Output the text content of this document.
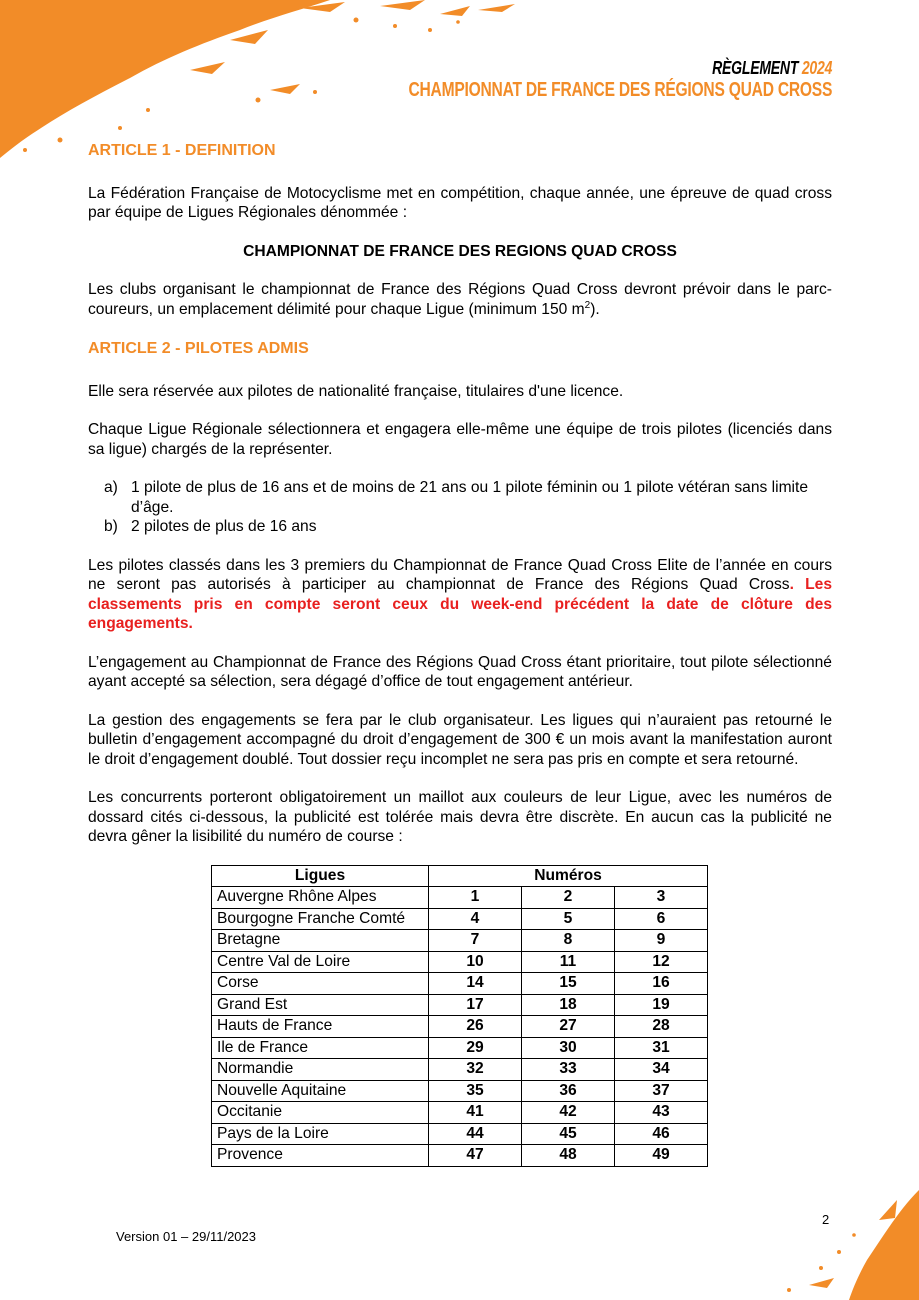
RÈGLEMENT 2024
CHAMPIONNAT DE FRANCE DES RÉGIONS QUAD CROSS
ARTICLE 1 - DEFINITION

La Fédération Française de Motocyclisme met en compétition, chaque année, une épreuve de quad cross par équipe de Ligues Régionales dénommée :

CHAMPIONNAT DE FRANCE DES REGIONS QUAD CROSS

Les clubs organisant le championnat de France des Régions Quad Cross devront prévoir dans le parc-coureurs, un emplacement délimité pour chaque Ligue (minimum 150 $m^2$).

ARTICLE 2 - PILOTES ADMIS

Elle sera réservée aux pilotes de nationalité française, titulaires d'une licence.

Chaque Ligue Régionale sélectionnera et engagera elle-même une équipe de trois pilotes (licenciés dans sa ligue) chargés de la représenter.

a) 1 pilote de plus de 16 ans et de moins de 21 ans ou 1 pilote féminin ou 1 pilote vétéran sans limite d’âge.
b) 2 pilotes de plus de 16 ans

Les pilotes classés dans les 3 premiers du Championnat de France Quad Cross Elite de l’année en cours ne seront pas autorisés à participer au championnat de France des Régions Quad Cross. Les classements pris en compte seront ceux du week-end précédent la date de clôture des engagements.

L’engagement au Championnat de France des Régions Quad Cross étant prioritaire, tout pilote sélectionné ayant accepté sa sélection, sera dégagé d’office de tout engagement antérieur.

La gestion des engagements se fera par le club organisateur. Les ligues qui n’auraient pas retourné le bulletin d’engagement accompagné du droit d’engagement de 300 € un mois avant la manifestation auront le droit d’engagement doublé. Tout dossier reçu incomplet ne sera pas pris en compte et sera retourné.

Les concurrents porteront obligatoirement un maillot aux couleurs de leur Ligue, avec les numéros de dossard cités ci-dessous, la publicité est tolérée mais devra être discrète. En aucun cas la publicité ne devra gêner la lisibilité du numéro de course :

Ligues	Numéros		
Auvergne Rhône Alpes	1	2	3
Bourgogne Franche Comté	4	5	6
Bretagne	7	8	9
Centre Val de Loire	10	11	12
Corse	14	15	16
Grand Est	17	18	19
Hauts de France	26	27	28
Ile de France	29	30	31
Normandie	32	33	34
Nouvelle Aquitaine	35	36	37
Occitanie	41	42	43
Pays de la Loire	44	45	46
Provence	47	48	49
Version 01 – 29/11/2023
2
